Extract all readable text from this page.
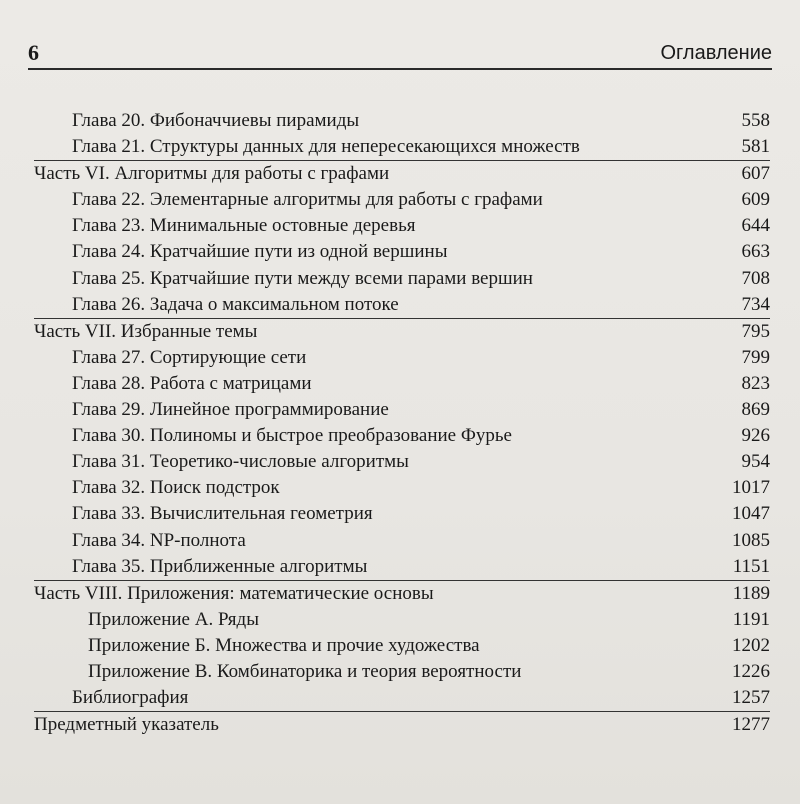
6	Оглавление
Глава 20. Фибоначчиевы пирамиды	558
Глава 21. Структуры данных для непересекающихся множеств	581
Часть VI. Алгоритмы для работы с графами	607
Глава 22. Элементарные алгоритмы для работы с графами	609
Глава 23. Минимальные остовные деревья	644
Глава 24. Кратчайшие пути из одной вершины	663
Глава 25. Кратчайшие пути между всеми парами вершин	708
Глава 26. Задача о максимальном потоке	734
Часть VII. Избранные темы	795
Глава 27. Сортирующие сети	799
Глава 28. Работа с матрицами	823
Глава 29. Линейное программирование	869
Глава 30. Полиномы и быстрое преобразование Фурье	926
Глава 31. Теоретико-числовые алгоритмы	954
Глава 32. Поиск подстрок	1017
Глава 33. Вычислительная геометрия	1047
Глава 34. NP-полнота	1085
Глава 35. Приближенные алгоритмы	1151
Часть VIII. Приложения: математические основы	1189
Приложение А. Ряды	1191
Приложение Б. Множества и прочие художества	1202
Приложение В. Комбинаторика и теория вероятности	1226
Библиография	1257
Предметный указатель	1277
